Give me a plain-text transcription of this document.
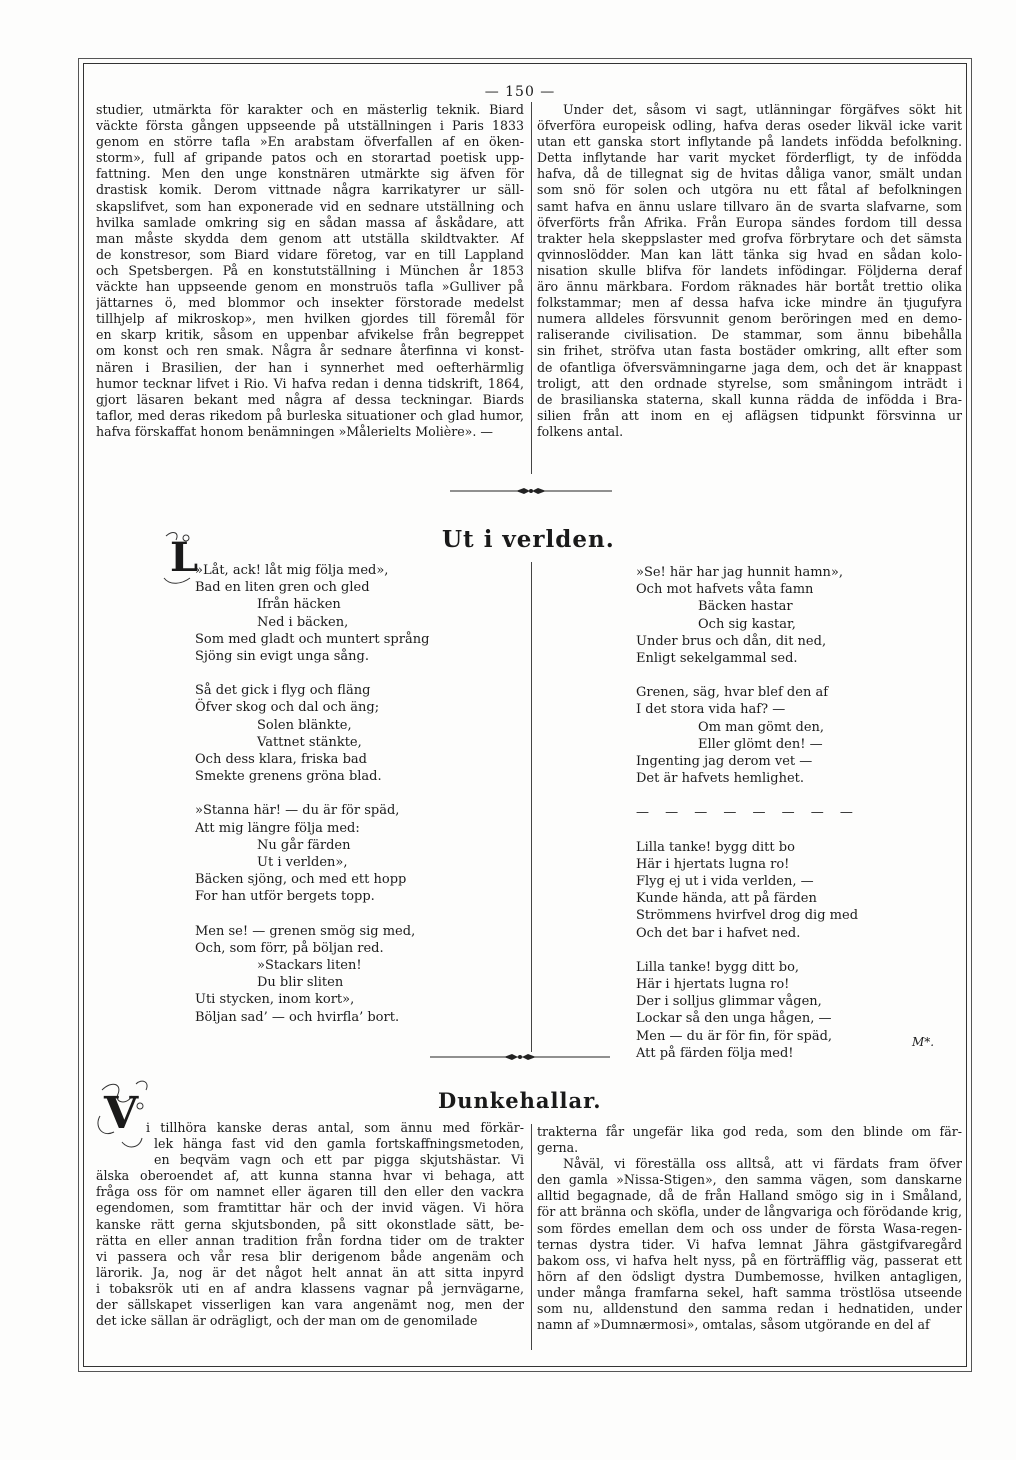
— 150 —
studier, utmärkta för karakter och en mästerlig teknik. Biard
väckte första gången uppseende på utställningen i Paris 1833
genom en större tafla »En arabstam öfverfallen af en öken-
storm», full af gripande patos och en storartad poetisk upp-
fattning. Men den unge konstnären utmärkte sig äfven för
drastisk komik. Derom vittnade några karrikatyrer ur säll-
skapslifvet, som han exponerade vid en sednare utställning och
hvilka samlade omkring sig en sådan massa af åskådare, att
man måste skydda dem genom att utställa skildtvakter. Af
de konstresor, som Biard vidare företog, var en till Lappland
och Spetsbergen. På en konstutställning i München år 1853
väckte han uppseende genom en monstruös tafla »Gulliver på
jättarnes ö, med blommor och insekter förstorade medelst
tillhjelp af mikroskop», men hvilken gjordes till föremål för
en skarp kritik, såsom en uppenbar afvikelse från begreppet
om konst och ren smak. Några år sednare återfinna vi konst-
nären i Brasilien, der han i synnerhet med oefterhärmlig
humor tecknar lifvet i Rio. Vi hafva redan i denna tidskrift, 1864,
gjort läsaren bekant med några af dessa teckningar. Biards
taflor, med deras rikedom på burleska situationer och glad humor,
hafva förskaffat honom benämningen »Målerielts Molière». —
Under det, såsom vi sagt, utlänningar förgäfves sökt hit
öfverföra europeisk odling, hafva deras oseder likväl icke varit
utan ett ganska stort inflytande på landets infödda befolkning.
Detta inflytande har varit mycket förderfligt, ty de infödda
hafva, då de tillegnat sig de hvitas dåliga vanor, smält undan
som snö för solen och utgöra nu ett fåtal af befolkningen
samt hafva en ännu uslare tillvaro än de svarta slafvarne, som
öfverförts från Afrika. Från Europa sändes fordom till dessa
trakter hela skeppslaster med grofva förbrytare och det sämsta
qvinnoslödder. Man kan lätt tänka sig hvad en sådan kolo-
nisation skulle blifva för landets infödingar. Följderna deraf
äro ännu märkbara. Fordom räknades här bortåt trettio olika
folkstammar; men af dessa hafva icke mindre än tjugufyra
numera alldeles försvunnit genom beröringen med en demo-
raliserande civilisation. De stammar, som ännu bibehålla
sin frihet, ströfva utan fasta bostäder omkring, allt efter som
de ofantliga öfversvämningarne jaga dem, och det är knappast
troligt, att den ordnade styrelse, som småningom inträdt i
de brasilianska staterna, skall kunna rädda de infödda i Bra-
silien från att inom en ej aflägsen tidpunkt försvinna ur
folkens antal.
Ut i verlden.
L
»Låt, ack! låt mig följa med»,
Bad en liten gren och gled
Ifrån häcken
Ned i bäcken,
Som med gladt och muntert språng
Sjöng sin evigt unga sång.
Så det gick i flyg och fläng
Öfver skog och dal och äng;
Solen blänkte,
Vattnet stänkte,
Och dess klara, friska bad
Smekte grenens gröna blad.
»Stanna här! — du är för späd,
Att mig längre följa med:
Nu går färden
Ut i verlden»,
Bäcken sjöng, och med ett hopp
For han utför bergets topp.
Men se! — grenen smög sig med,
Och, som förr, på böljan red.
»Stackars liten!
Du blir sliten
Uti stycken, inom kort»,
Böljan sad’ — och hvirfla’ bort.
»Se! här har jag hunnit hamn»,
Och mot hafvets våta famn
Bäcken hastar
Och sig kastar,
Under brus och dån, dit ned,
Enligt sekelgammal sed.
Grenen, säg, hvar blef den af
I det stora vida haf? —
Om man gömt den,
Eller glömt den! —
Ingenting jag derom vet —
Det är hafvets hemlighet.
— — — — — — — —
Lilla tanke! bygg ditt bo
Här i hjertats lugna ro!
Flyg ej ut i vida verlden, —
Kunde hända, att på färden
Strömmens hvirfvel drog dig med
Och det bar i hafvet ned.
Lilla tanke! bygg ditt bo,
Här i hjertats lugna ro!
Der i solljus glimmar vågen,
Lockar så den unga hågen, —
Men — du är för fin, för späd,
Att på färden följa med!
M*.
Dunkehallar.
V i tillhöra kanske deras antal, som ännu med förkär-
lek hänga fast vid den gamla fortskaffningsmetoden,
en beqväm vagn och ett par pigga skjutshästar. Vi
älska oberoendet af, att kunna stanna hvar vi behaga, att
fråga oss för om namnet eller ägaren till den eller den vackra
egendomen, som framtittar här och der invid vägen. Vi höra
kanske rätt gerna skjutsbonden, på sitt okonstlade sätt, be-
rätta en eller annan tradition från fordna tider om de trakter
vi passera och vår resa blir derigenom både angenäm och
lärorik. Ja, nog är det något helt annat än att sitta inpyrd
i tobaksrök uti en af andra klassens vagnar på jernvägarne,
der sällskapet visserligen kan vara angenämt nog, men der
det icke sällan är odrägligt, och der man om de genomilade
trakterna får ungefär lika god reda, som den blinde om fär-
gerna.
Nåväl, vi föreställa oss alltså, att vi färdats fram öfver
den gamla »Nissa-Stigen», den samma vägen, som danskarne
alltid begagnade, då de från Halland smögo sig in i Småland,
för att bränna och sköfla, under de långvariga och förödande krig,
som fördes emellan dem och oss under de första Wasa-regen-
ternas dystra tider. Vi hafva lemnat Jähra gästgifvaregård
bakom oss, vi hafva helt nyss, på en förträfflig väg, passerat ett
hörn af den ödsligt dystra Dumbemosse, hvilken antagligen,
under många framfarna sekel, haft samma tröstlösa utseende
som nu, alldenstund den samma redan i hednatiden, under
namn af »Dumnærmosi», omtalas, såsom utgörande en del af
